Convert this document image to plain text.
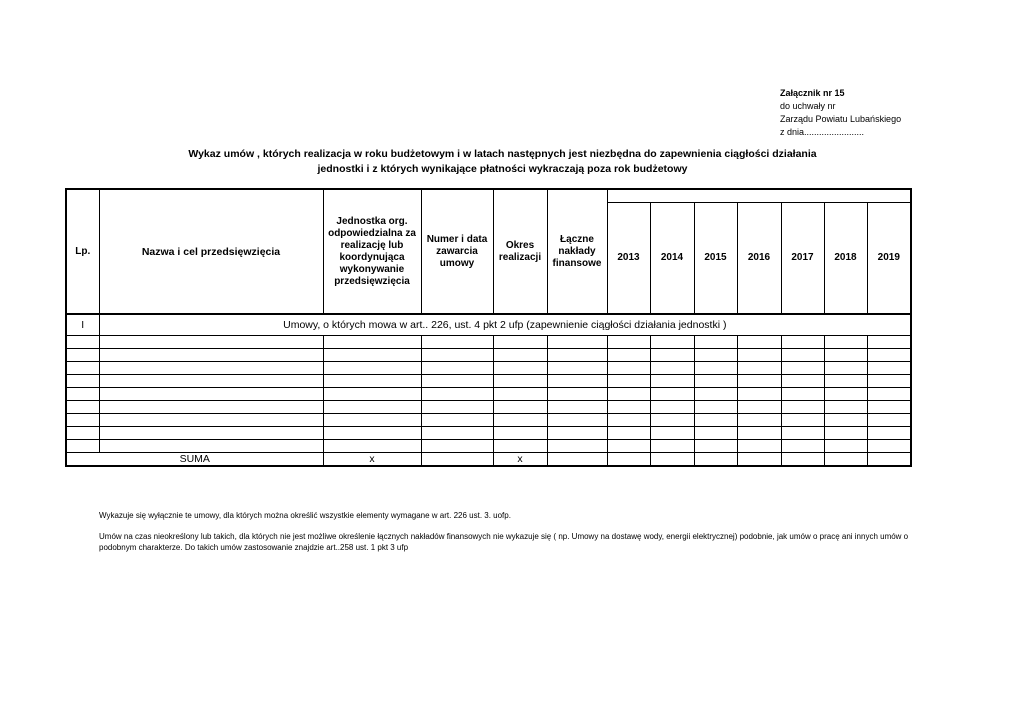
Załącznik nr 15
do uchwały nr
Zarządu Powiatu Lubańskiego
z dnia........................
Wykaz umów , których realizacja w roku budżetowym i w latach następnych jest niezbędna do zapewnienia ciągłości działania
jednostki i z których wynikające płatności wykraczają poza rok budżetowy
Lp.	Nazwa i cel przedsięwzięcia	Jednostka org. odpowiedzialna za realizację lub koordynująca wykonywanie przedsięwzięcia	Numer i data zawarcia umowy	Okres realizacji	Łączne nakłady finansowe							
						2013	2014	2015	2016	2017	2018	2019
I	Umowy, o których mowa w art.. 226, ust. 4 pkt 2 ufp (zapewnienie ciągłości działania jednostki )											

SUMA		x		x								

Wykazuje się wyłącznie te umowy, dla których można określić wszystkie elementy wymagane w art. 226 ust. 3. uofp.

Umów na czas nieokreślony lub takich, dla których nie jest możliwe określenie łącznych nakładów finansowych nie wykazuje się ( np. Umowy na dostawę wody, energii elektrycznej) podobnie, jak umów o pracę ani innych umów o podobnym charakterze. Do takich umów zastosowanie znajdzie art..258 ust. 1 pkt 3 ufp
